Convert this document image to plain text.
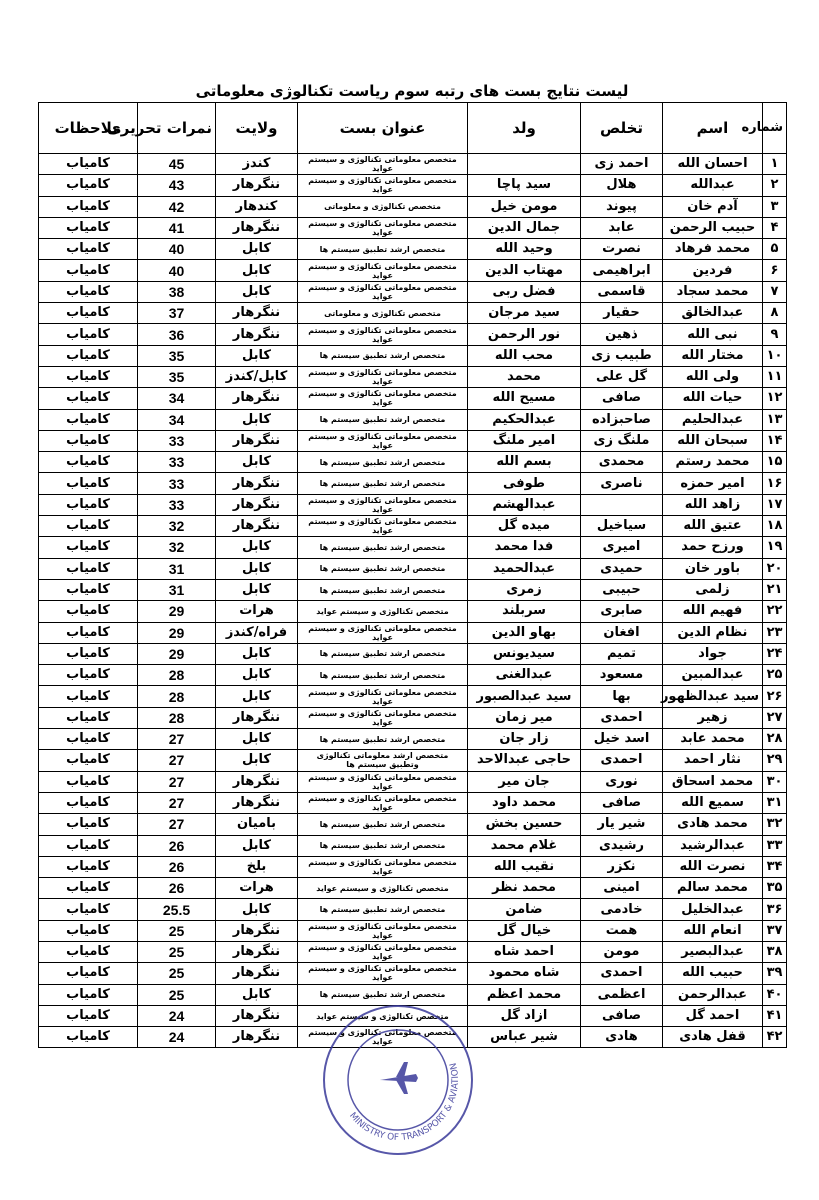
لیست نتایج بست های رتبه سوم ریاست تکنالوژی معلوماتی
شماره	اسم	تخلص	ولد	عنوان بست	ولایت	نمرات تحریری	ملاحظات
۱	احسان الله	احمد زی		متخصص معلوماتی تکنالوژی و سیستم عواید	کندز	45	کامیاب
۲	عبدالله	هلال	سید پاچا	متخصص معلوماتی تکنالوژی و سیستم عواید	ننگرهار	43	کامیاب
۳	آدم خان	پیوند	مومن خیل	متخصص تکنالوژی و معلوماتی	کندهار	42	کامیاب
۴	حبیب الرحمن	عابد	جمال الدین	متخصص معلوماتی تکنالوژی و سیستم عواید	ننگرهار	41	کامیاب
۵	محمد فرهاد	نصرت	وحید الله	متخصص ارشد تطبیق سیستم ها	کابل	40	کامیاب
۶	فردین	ابراهیمی	مهتاب الدین	متخصص معلوماتی تکنالوژی و سیستم عواید	کابل	40	کامیاب
۷	محمد سجاد	قاسمی	فضل ربی	متخصص معلوماتی تکنالوژی و سیستم عواید	کابل	38	کامیاب
۸	عبدالخالق	حقیار	سید مرجان	متخصص تکنالوژی و معلوماتی	ننگرهار	37	کامیاب
۹	نبی الله	ذهین	نور الرحمن	متخصص معلوماتی تکنالوژی و سیستم عواید	ننگرهار	36	کامیاب
۱۰	مختار الله	طبیب زی	محب الله	متخصص ارشد تطبیق سیستم ها	کابل	35	کامیاب
۱۱	ولی الله	گل علی	محمد	متخصص معلوماتی تکنالوژی و سیستم عواید	کابل/کندز	35	کامیاب
۱۲	حیات الله	صافی	مسیح الله	متخصص معلوماتی تکنالوژی و سیستم عواید	ننگرهار	34	کامیاب
۱۳	عبدالحلیم	صاحبزاده	عبدالحکیم	متخصص ارشد تطبیق سیستم ها	کابل	34	کامیاب
۱۴	سبحان الله	ملنگ زی	امیر ملنگ	متخصص معلوماتی تکنالوژی و سیستم عواید	ننگرهار	33	کامیاب
۱۵	محمد رستم	محمدی	بسم الله	متخصص ارشد تطبیق سیستم ها	کابل	33	کامیاب
۱۶	امیر حمزه	ناصری	طوفی	متخصص ارشد تطبیق سیستم ها	ننگرهار	33	کامیاب
۱۷	زاهد الله		عبدالهشم	متخصص معلوماتی تکنالوژی و سیستم عواید	ننگرهار	33	کامیاب
۱۸	عتیق الله	سیاخیل	میده گل	متخصص معلوماتی تکنالوژی و سیستم عواید	ننگرهار	32	کامیاب
۱۹	ورزح حمد	امیری	فدا محمد	متخصص ارشد تطبیق سیستم ها	کابل	32	کامیاب
۲۰	باور خان	حمیدی	عبدالحمید	متخصص ارشد تطبیق سیستم ها	کابل	31	کامیاب
۲۱	زلمی	حبیبی	زمری	متخصص ارشد تطبیق سیستم ها	کابل	31	کامیاب
۲۲	فهیم الله	صابری	سربلند	متخصص تکنالوژی و سیستم عواید	هرات	29	کامیاب
۲۳	نظام الدین	افغان	بهاو الدین	متخصص معلوماتی تکنالوژی و سیستم عواید	فراه/کندز	29	کامیاب
۲۴	جواد	تمیم	سیدیونس	متخصص ارشد تطبیق سیستم ها	کابل	29	کامیاب
۲۵	عبدالمبین	مسعود	عبدالغنی	متخصص ارشد تطبیق سیستم ها	کابل	28	کامیاب
۲۶	سید عبدالظهور	بها	سید عبدالصبور	متخصص معلوماتی تکنالوژی و سیستم عواید	کابل	28	کامیاب
۲۷	زهیر	احمدی	میر زمان	متخصص معلوماتی تکنالوژی و سیستم عواید	ننگرهار	28	کامیاب
۲۸	محمد عابد	اسد خیل	زار جان	متخصص ارشد تطبیق سیستم ها	کابل	27	کامیاب
۲۹	نثار احمد	احمدی	حاجی عبدالاحد	متخصص ارشد معلوماتی تکنالوژی وتطبیق سیستم ها	کابل	27	کامیاب
۳۰	محمد اسحاق	نوری	جان میر	متخصص معلوماتی تکنالوژی و سیستم عواید	ننگرهار	27	کامیاب
۳۱	سمیع الله	صافی	محمد داود	متخصص معلوماتی تکنالوژی و سیستم عواید	ننگرهار	27	کامیاب
۳۲	محمد هادی	شیر یار	حسین بخش	متخصص ارشد تطبیق سیستم ها	بامیان	27	کامیاب
۳۳	عبدالرشید	رشیدی	غلام محمد	متخصص ارشد تطبیق سیستم ها	کابل	26	کامیاب
۳۴	نصرت الله	نکزر	نقیب الله	متخصص معلوماتی تکنالوژی و سیستم عواید	بلخ	26	کامیاب
۳۵	محمد سالم	امینی	محمد نظر	متخصص تکنالوژی و سیستم عواید	هرات	26	کامیاب
۳۶	عبدالخلیل	خادمی	ضامن	متخصص ارشد تطبیق سیستم ها	کابل	25.5	کامیاب
۳۷	انعام الله	همت	خیال گل	متخصص معلوماتی تکنالوژی و سیستم عواید	ننگرهار	25	کامیاب
۳۸	عبدالبصیر	مومن	احمد شاه	متخصص معلوماتی تکنالوژی و سیستم عواید	ننگرهار	25	کامیاب
۳۹	حبیب الله	احمدی	شاه محمود	متخصص معلوماتی تکنالوژی و سیستم عواید	ننگرهار	25	کامیاب
۴۰	عبدالرحمن	اعظمی	محمد اعظم	متخصص ارشد تطبیق سیستم ها	کابل	25	کامیاب
۴۱	احمد گل	صافی	ازاد گل	متخصص تکنالوژی و سیستم عواید	ننگرهار	24	کامیاب
۴۲	قفل هادی	هادی	شیر عباس	متخصص معلوماتی تکنالوژی و سیستم عواید	ننگرهار	24	کامیاب
MINISTRY OF TRANSPORT & AVIATION
